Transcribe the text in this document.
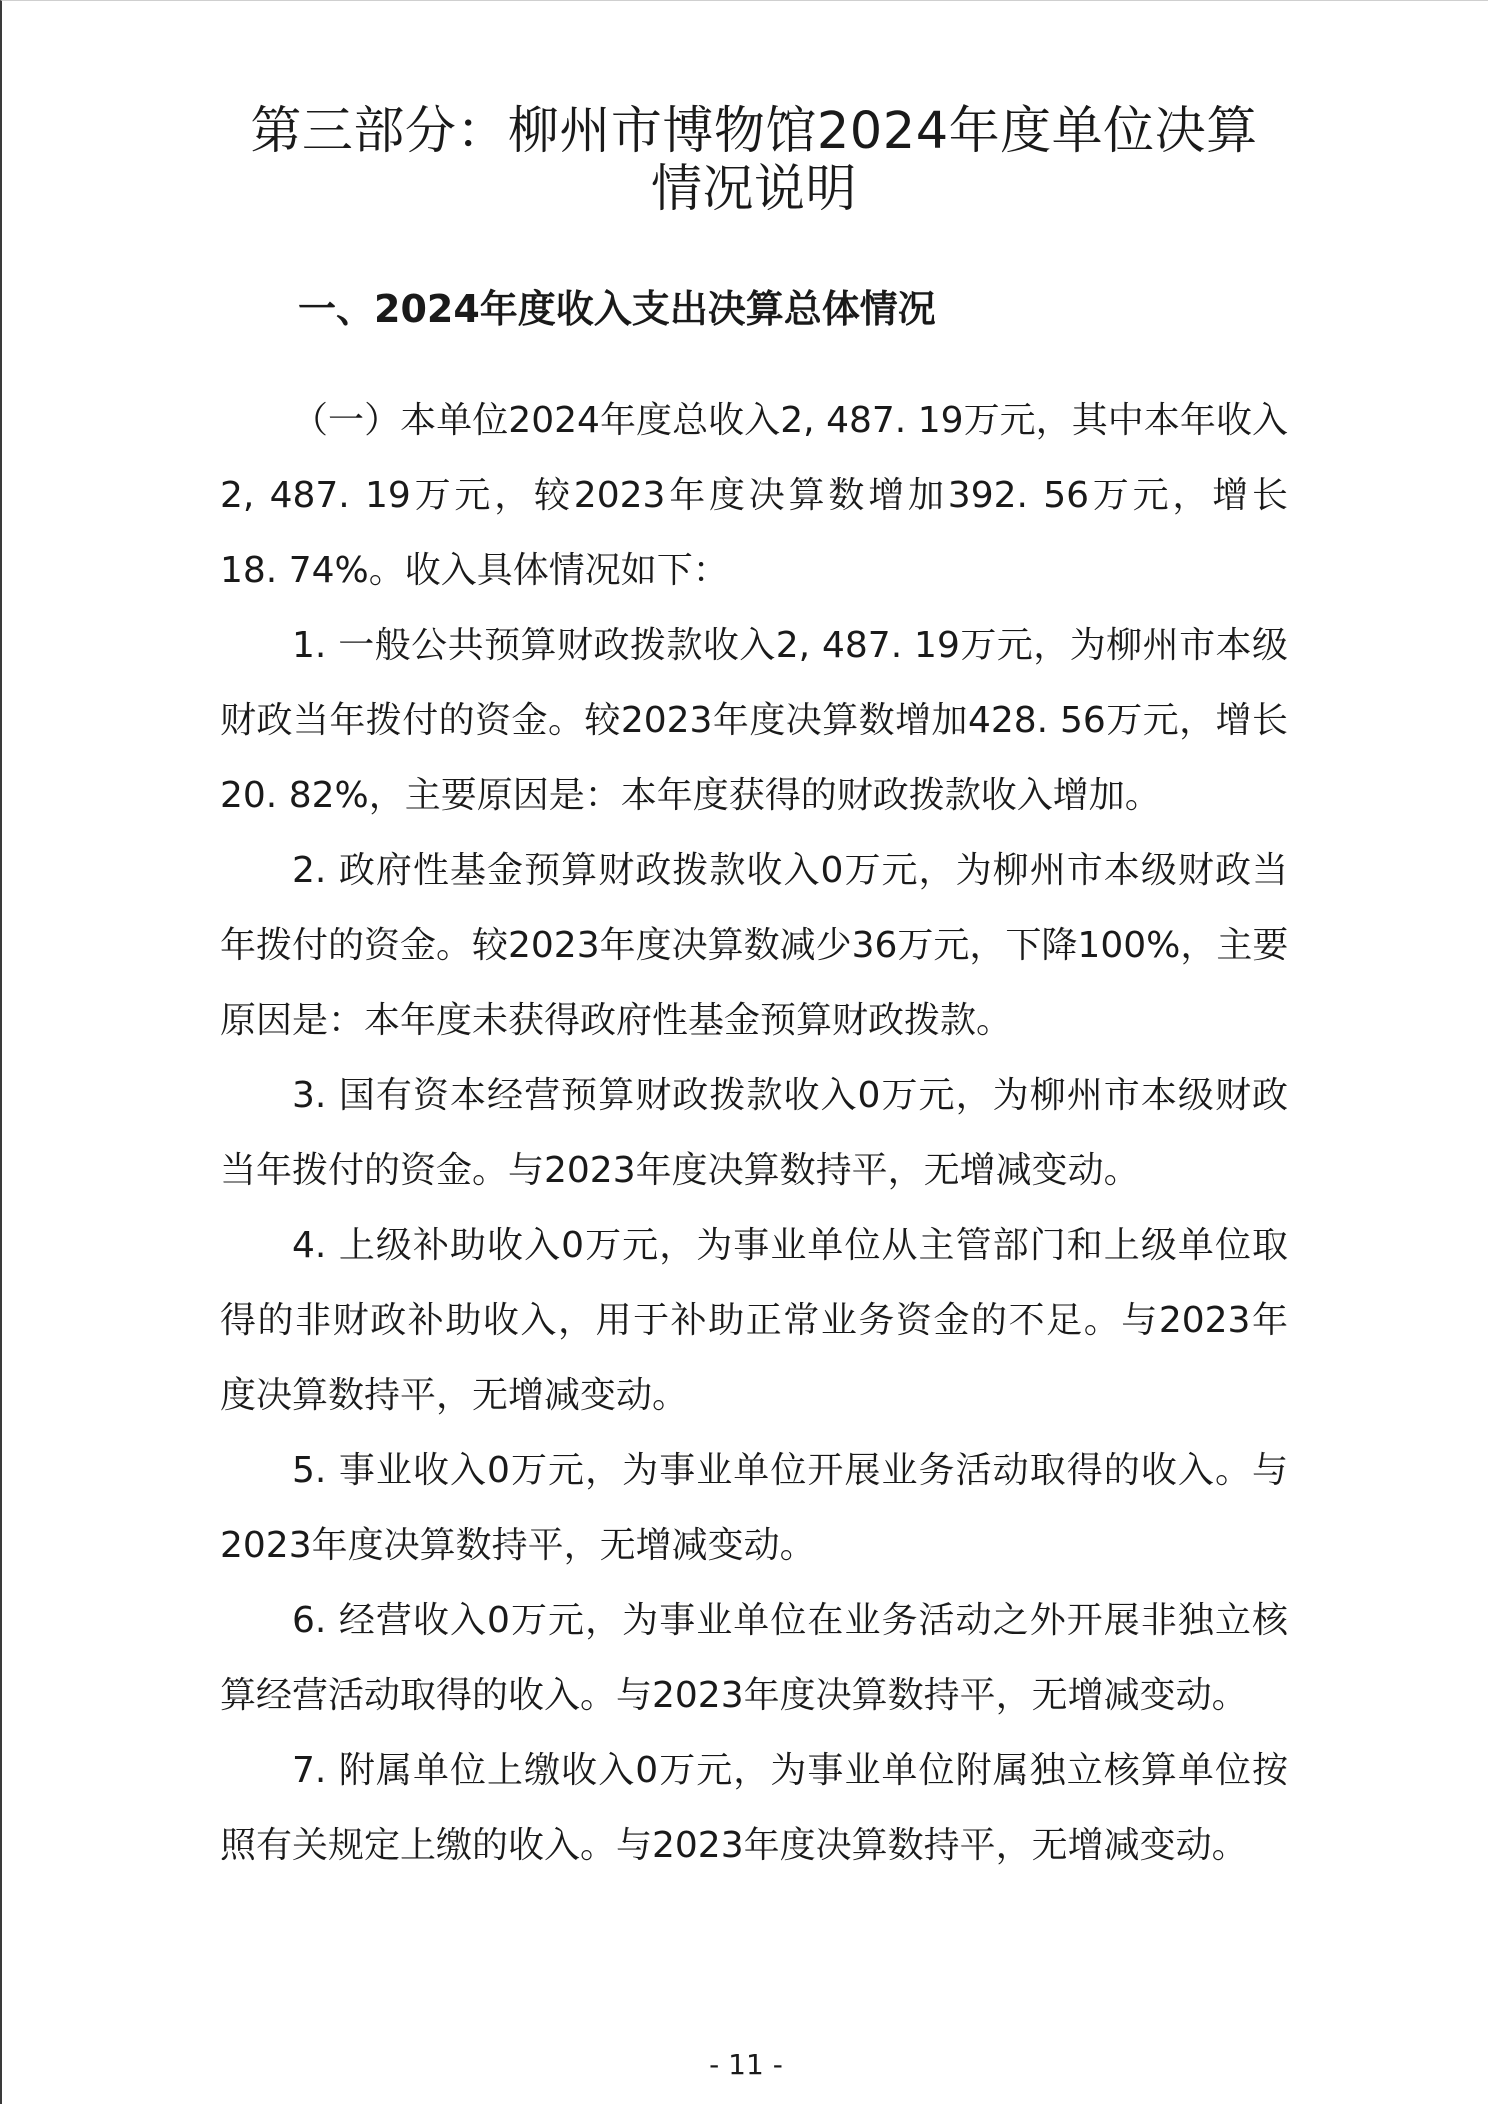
第三部分：柳州市博物馆2024年度单位决算
情况说明
一、2024年度收入支出决算总体情况
（一）本单位2024年度总收入2, 487. 19万元，其中本年收入
2, 487. 19万元，较2023年度决算数增加392. 56万元，增长
18. 74%。收入具体情况如下：
1. 一般公共预算财政拨款收入2, 487. 19万元，为柳州市本级
财政当年拨付的资金。较2023年度决算数增加428. 56万元，增长
20. 82%，主要原因是：本年度获得的财政拨款收入增加。
2. 政府性基金预算财政拨款收入0万元，为柳州市本级财政当
年拨付的资金。较2023年度决算数减少36万元，下降100%，主要
原因是：本年度未获得政府性基金预算财政拨款。
3. 国有资本经营预算财政拨款收入0万元，为柳州市本级财政
当年拨付的资金。与2023年度决算数持平，无增减变动。
4. 上级补助收入0万元，为事业单位从主管部门和上级单位取
得的非财政补助收入，用于补助正常业务资金的不足。与2023年
度决算数持平，无增减变动。
5. 事业收入0万元，为事业单位开展业务活动取得的收入。与
2023年度决算数持平，无增减变动。
6. 经营收入0万元，为事业单位在业务活动之外开展非独立核
算经营活动取得的收入。与2023年度决算数持平，无增减变动。
7. 附属单位上缴收入0万元，为事业单位附属独立核算单位按
照有关规定上缴的收入。与2023年度决算数持平，无增减变动。
- 11 -
